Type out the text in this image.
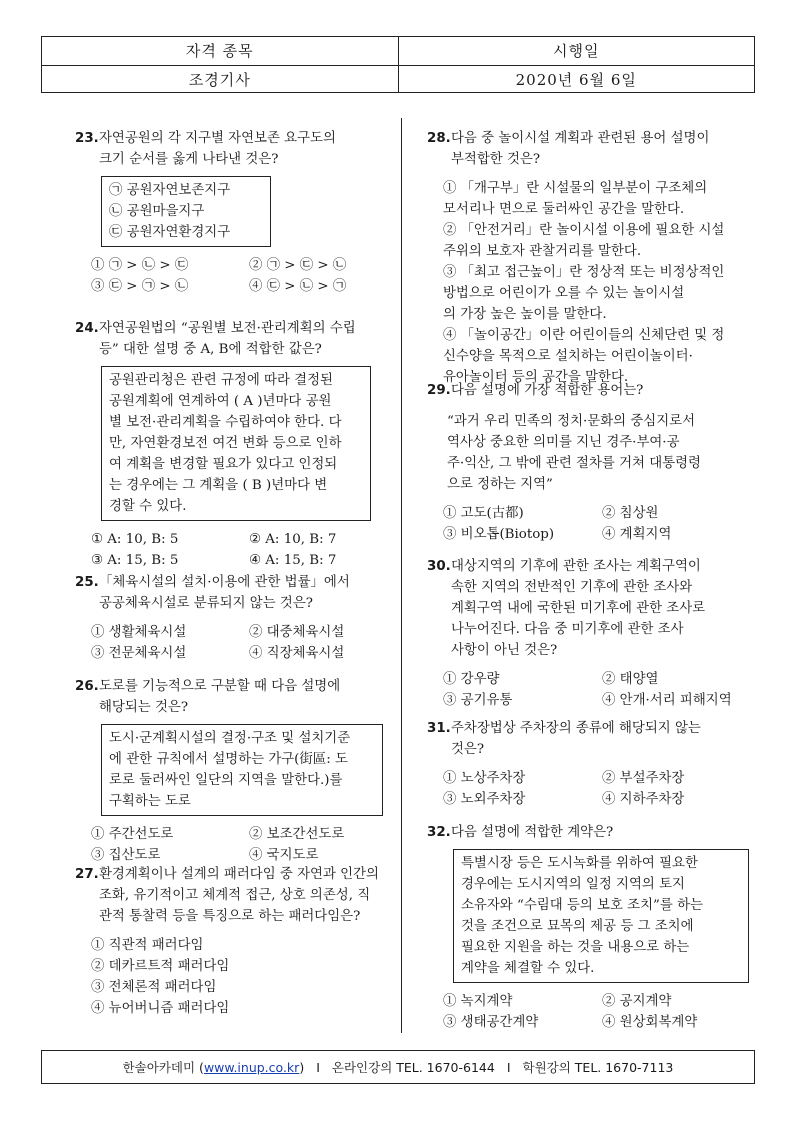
자격 종목	시행일
조경기사	2020년 6월 6일
23. 자연공원의 각 지구별 자연보존 요구도의
크기 순서를 옳게 나타낸 것은?
㉠ 공원자연보존지구
㉡ 공원마을지구
㉢ 공원자연환경지구
① ㉠ > ㉡ > ㉢	② ㉠ > ㉢ > ㉡
③ ㉢ > ㉠ > ㉡	④ ㉢ > ㉡ > ㉠
24. 자연공원법의 “공원별 보전·관리계획의 수립
등” 대한 설명 중 A, B에 적합한 값은?
공원관리청은 관련 규정에 따라 결정된
공원계획에 연계하여 ( A )년마다 공원
별 보전·관리계획을 수립하여야 한다. 다
만, 자연환경보전 여건 변화 등으로 인하
여 계획을 변경할 필요가 있다고 인정되
는 경우에는 그 계획을 ( B )년마다 변
경할 수 있다.
① A: 10, B: 5	② A: 10, B: 7
③ A: 15, B: 5	④ A: 15, B: 7
25. 「체육시설의 설치·이용에 관한 법률」에서
공공체육시설로 분류되지 않는 것은?
① 생활체육시설	② 대중체육시설
③ 전문체육시설	④ 직장체육시설
26. 도로를 기능적으로 구분할 때 다음 설명에
해당되는 것은?
도시·군계획시설의 결정·구조 및 설치기준
에 관한 규칙에서 설명하는 가구(街區: 도
로로 둘러싸인 일단의 지역을 말한다.)를
구획하는 도로
① 주간선도로	② 보조간선도로
③ 집산도로	④ 국지도로
27. 환경계획이나 설계의 패러다임 중 자연과 인간의
조화, 유기적이고 체계적 접근, 상호 의존성, 직
관적 통찰력 등을 특징으로 하는 패러다임은?
① 직관적 패러다임
② 데카르트적 패러다임
③ 전체론적 패러다임
④ 뉴어버니즘 패러다임
28. 다음 중 놀이시설 계획과 관련된 용어 설명이
부적합한 것은?
① 「개구부」란 시설물의 일부분이 구조체의
모서리나 면으로 둘러싸인 공간을 말한다.
② 「안전거리」란 놀이시설 이용에 필요한 시설
주위의 보호자 관찰거리를 말한다.
③ 「최고 접근높이」란 정상적 또는 비정상적인
방법으로 어린이가 오를 수 있는 놀이시설
의 가장 높은 높이를 말한다.
④ 「놀이공간」이란 어린이들의 신체단련 및 정
신수양을 목적으로 설치하는 어린이놀이터·
유아놀이터 등의 공간을 말한다.
29. 다음 설명에 가장 적합한 용어는?
“과거 우리 민족의 정치·문화의 중심지로서
역사상 중요한 의미를 지닌 경주·부여·공
주·익산, 그 밖에 관련 절차를 거쳐 대통령령
으로 정하는 지역”
① 고도(古都)	② 침상원
③ 비오톱(Biotop)	④ 계획지역
30. 대상지역의 기후에 관한 조사는 계획구역이
속한 지역의 전반적인 기후에 관한 조사와
계획구역 내에 국한된 미기후에 관한 조사로
나누어진다. 다음 중 미기후에 관한 조사
사항이 아닌 것은?
① 강우량	② 태양열
③ 공기유통	④ 안개·서리 피해지역
31. 주차장법상 주차장의 종류에 해당되지 않는
것은?
① 노상주차장	② 부설주차장
③ 노외주차장	④ 지하주차장
32. 다음 설명에 적합한 계약은?
특별시장 등은 도시녹화를 위하여 필요한
경우에는 도시지역의 일정 지역의 토지
소유자와 “수림대 등의 보호 조치”를 하는
것을 조건으로 묘목의 제공 등 그 조치에
필요한 지원을 하는 것을 내용으로 하는
계약을 체결할 수 있다.
① 녹지계약	② 공지계약
③ 생태공간계약	④ 원상회복계약
한솔아카데미
( www.inup.co.kr ) I 온라인강의 TEL. 1670-6144 I 학원강의 TEL. 1670-7113
